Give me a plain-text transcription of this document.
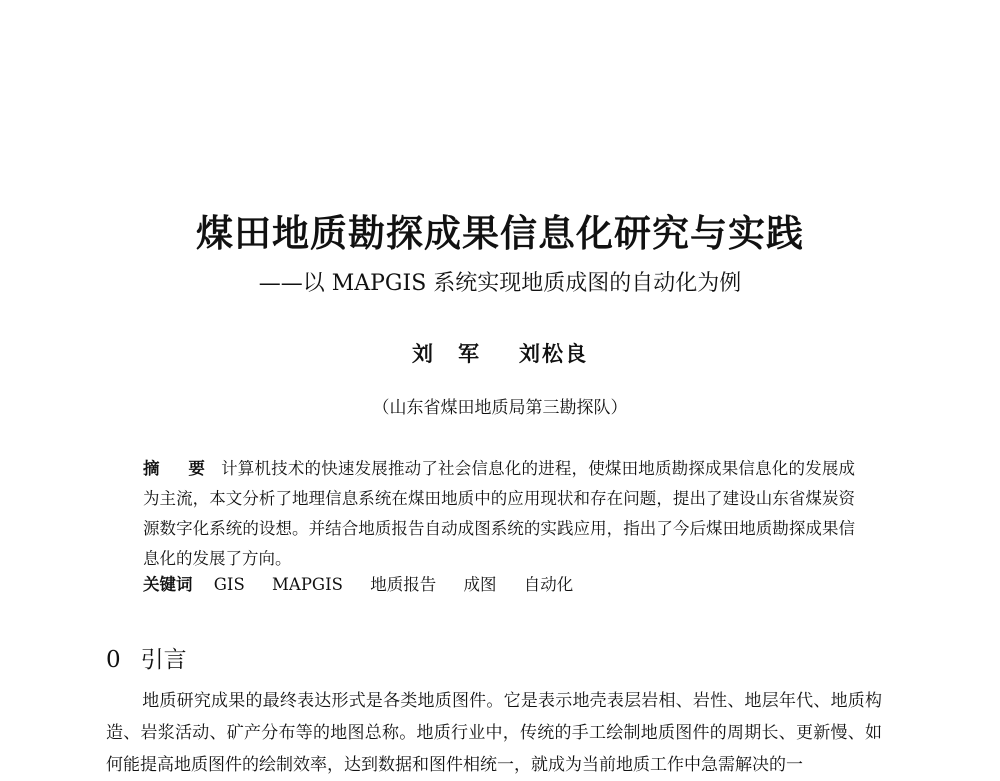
煤田地质勘探成果信息化研究与实践
——以 MAPGIS 系统实现地质成图的自动化为例
刘　军 刘松良
（山东省煤田地质局第三勘探队）
摘　要 计算机技术的快速发展推动了社会信息化的进程，使煤田地质勘探成果信息化的发展成为主流，本文分析了地理信息系统在煤田地质中的应用现状和存在问题，提出了建设山东省煤炭资源数字化系统的设想。并结合地质报告自动成图系统的实践应用，指出了今后煤田地质勘探成果信息化的发展了方向。
关键词 GIS MAPGIS 地质报告 成图 自动化
0 引言
地质研究成果的最终表达形式是各类地质图件。它是表示地壳表层岩相、岩性、地层年代、地质构造、岩浆活动、矿产分布等的地图总称。地质行业中，传统的手工绘制地质图件的周期长、更新慢、如何能提高地质图件的绘制效率，达到数据和图件相统一，就成为当前地质工作中急需解决的一
